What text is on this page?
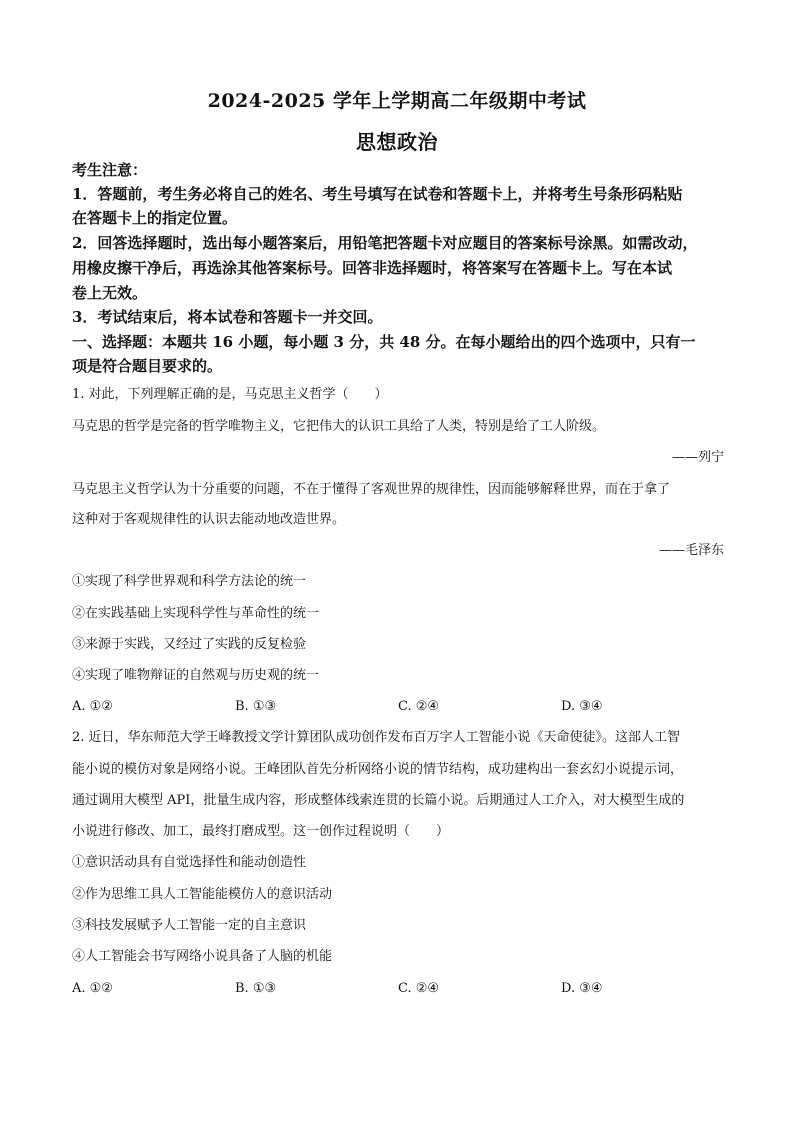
2024-2025 学年上学期高二年级期中考试
思想政治
考生注意：
1．答题前，考生务必将自己的姓名、考生号填写在试卷和答题卡上，并将考生号条形码粘贴
在答题卡上的指定位置。
2．回答选择题时，选出每小题答案后，用铅笔把答题卡对应题目的答案标号涂黑。如需改动，
用橡皮擦干净后，再选涂其他答案标号。回答非选择题时，将答案写在答题卡上。写在本试
卷上无效。
3．考试结束后，将本试卷和答题卡一并交回。
一、选择题：本题共 16 小题，每小题 3 分，共 48 分。在每小题给出的四个选项中，只有一
项是符合题目要求的。
1. 对此，下列理解正确的是，马克思主义哲学（　　）
马克思的哲学是完备的哲学唯物主义，它把伟大的认识工具给了人类，特别是给了工人阶级。
——列宁
马克思主义哲学认为十分重要的问题，不在于懂得了客观世界的规律性，因而能够解释世界，而在于拿了
这种对于客观规律性的认识去能动地改造世界。
——毛泽东
①实现了科学世界观和科学方法论的统一
②在实践基础上实现科学性与革命性的统一
③来源于实践，又经过了实践的反复检验
④实现了唯物辩证的自然观与历史观的统一
A. ①②	B. ①③	C. ②④	D. ③④
2. 近日，华东师范大学王峰教授文学计算团队成功创作发布百万字人工智能小说《天命使徒》。这部人工智
能小说的模仿对象是网络小说。王峰团队首先分析网络小说的情节结构，成功建构出一套玄幻小说提示词，
通过调用大模型 API，批量生成内容，形成整体线索连贯的长篇小说。后期通过人工介入，对大模型生成的
小说进行修改、加工，最终打磨成型。这一创作过程说明（　　）
①意识活动具有自觉选择性和能动创造性
②作为思维工具人工智能能模仿人的意识活动
③科技发展赋予人工智能一定的自主意识
④人工智能会书写网络小说具备了人脑的机能
A. ①②	B. ①③	C. ②④	D. ③④
